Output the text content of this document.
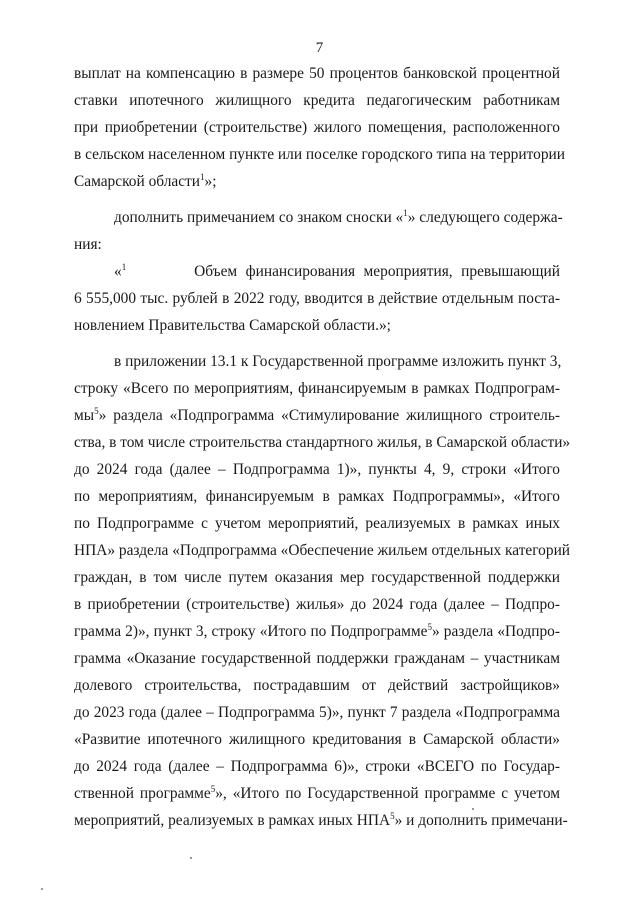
7
выплат на компенсацию в размере 50 процентов банковской процентной
ставки ипотечного жилищного кредита педагогическим работникам
при приобретении (строительстве) жилого помещения, расположенного
в сельском населенном пункте или поселке городского типа на территории
Самарской области$^1$»;
дополнить примечанием со знаком сноски «$^1$» следующего содержа-
ния:
«$^1$	Объем финансирования мероприятия, превышающий
6 555,000 тыс. рублей в 2022 году, вводится в действие отдельным поста-
новлением Правительства Самарской области.»;
в приложении 13.1 к Государственной программе изложить пункт 3,
строку «Всего по мероприятиям, финансируемым в рамках Подпрограм-
$мы^5$» раздела «Подпрограмма «Стимулирование жилищного строитель-
ства, в том числе строительства стандартного жилья, в Самарской области»
до 2024 года (далее – Подпрограмма 1)», пункты 4, 9, строки «Итого
по мероприятиям, финансируемым в рамках Подпрограммы», «Итого
по Подпрограмме с учетом мероприятий, реализуемых в рамках иных
НПА» раздела «Подпрограмма «Обеспечение жильем отдельных категорий
граждан, в том числе путем оказания мер государственной поддержки
в приобретении (строительстве) жилья» до 2024 года (далее – Подпро-
грамма 2)», пункт 3, строку «Итого по Подпрограмме$^5$» раздела «Подпро-
грамма «Оказание государственной поддержки гражданам – участникам
долевого строительства, пострадавшим от действий застройщиков»
до 2023 года (далее – Подпрограмма 5)», пункт 7 раздела «Подпрограмма
«Развитие ипотечного жилищного кредитования в Самарской области»
до 2024 года (далее – Подпрограмма 6)», строки «ВСЕГО по Государ-
ственной программе$^5$», «Итого по Государственной программе с учетом
мероприятий, реализуемых в рамках иных НПА$^5$» и дополнить примечани-
